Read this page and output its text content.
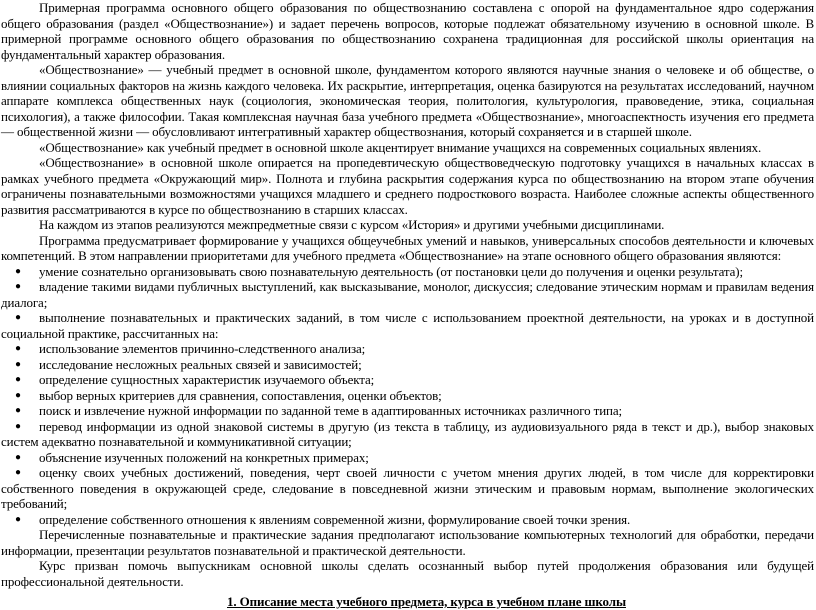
Примерная программа основного общего образования по обществознанию составлена с опорой на фундаментальное ядро содержания общего образования (раздел «Обществознание») и задает перечень вопросов, которые подлежат обязательному изучению в основной школе. В примерной программе основного общего образования по обществознанию сохранена традиционная для российской школы ориентация на фундаментальный характер образования.

«Обществознание» — учебный предмет в основной школе, фундаментом которого являются научные знания о человеке и об обществе, о влиянии социальных факторов на жизнь каждого человека. Их раскрытие, интерпретация, оценка базируются на результатах исследований, научном аппарате комплекса общественных наук (социология, экономическая теория, политология, культурология, правоведение, этика, социальная психология), а также философии. Такая комплексная научная база учебного предмета «Обществознание», многоаспектность изучения его предмета — общественной жизни — обусловливают интегративный характер обществознания, который сохраняется и в старшей школе.

«Обществознание» как учебный предмет в основной школе акцентирует внимание учащихся на современных социальных явлениях.

«Обществознание» в основной школе опирается на пропедевтическую обществоведческую подготовку учащихся в начальных классах в рамках учебного предмета «Окружающий мир». Полнота и глубина раскрытия содержания курса по обществознанию на втором этапе обучения ограничены познавательными возможностями учащихся младшего и среднего подросткового возраста. Наиболее сложные аспекты общественного развития рассматриваются в курсе по обществознанию в старших классах.

На каждом из этапов реализуются межпредметные связи с курсом «История» и другими учебными дисциплинами.

Программа предусматривает формирование у учащихся общеучебных умений и навыков, универсальных способов деятельности и ключевых компетенций. В этом направлении приоритетами для учебного предмета «Обществознание» на этапе основного общего образования являются:

● умение сознательно организовывать свою познавательную деятельность (от постановки цели до получения и оценки результата);
● владение такими видами публичных выступлений, как высказывание, монолог, дискуссия; следование этическим нормам и правилам ведения диалога;
● выполнение познавательных и практических заданий, в том числе с использованием проектной деятельности, на уроках и в доступной социальной практике, рассчитанных на:
● использование элементов причинно-следственного анализа;
● исследование несложных реальных связей и зависимостей;
● определение сущностных характеристик изучаемого объекта;
● выбор верных критериев для сравнения, сопоставления, оценки объектов;
● поиск и извлечение нужной информации по заданной теме в адаптированных источниках различного типа;
● перевод информации из одной знаковой системы в другую (из текста в таблицу, из аудиовизуального ряда в текст и др.), выбор знаковых систем адекватно познавательной и коммуникативной ситуации;
● объяснение изученных положений на конкретных примерах;
● оценку своих учебных достижений, поведения, черт своей личности с учетом мнения других людей, в том числе для корректировки собственного поведения в окружающей среде, следование в повседневной жизни этическим и правовым нормам, выполнение экологических требований;
● определение собственного отношения к явлениям современной жизни, формулирование своей точки зрения.

Перечисленные познавательные и практические задания предполагают использование компьютерных технологий для обработки, передачи информации, презентации результатов познавательной и практической деятельности.

Курс призван помочь выпускникам основной школы сделать осознанный выбор путей продолжения образования или будущей профессиональной деятельности.

1. Описание места учебного предмета, курса в учебном плане школы
